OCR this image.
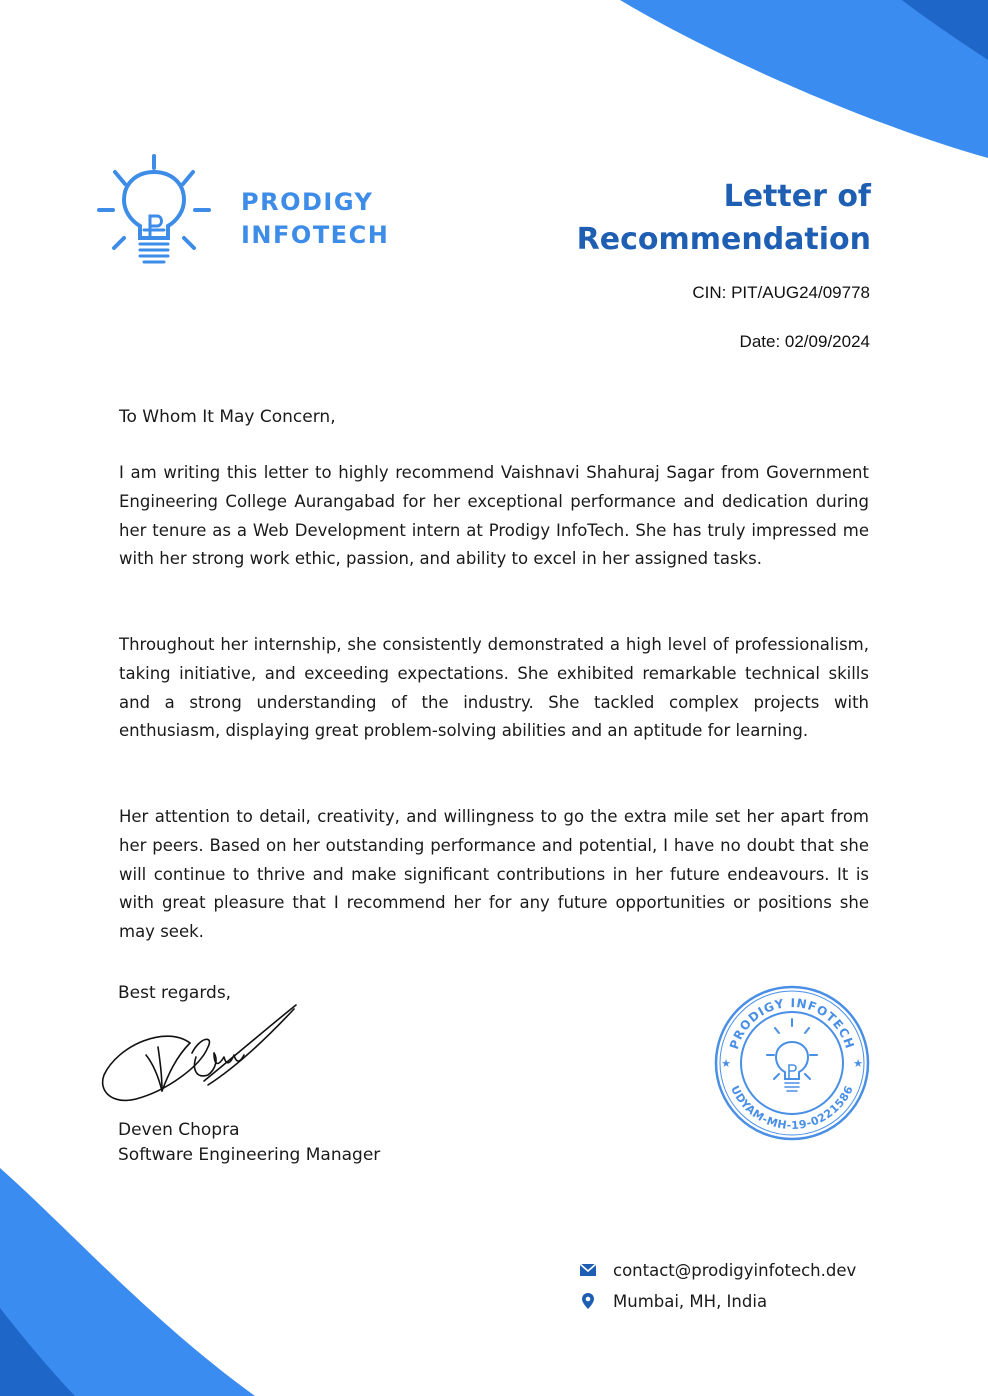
PRODIGY
INFOTECH
Letter of
Recommendation
CIN: PIT/AUG24/09778
Date: 02/09/2024
To Whom It May Concern,

I am writing this letter to highly recommend Vaishnavi Shahuraj Sagar from Government Engineering College Aurangabad for her exceptional performance and dedication during her tenure as a Web Development intern at Prodigy InfoTech. She has truly impressed me with her strong work ethic, passion, and ability to excel in her assigned tasks.

Throughout her internship, she consistently demonstrated a high level of professionalism, taking initiative, and exceeding expectations. She exhibited remarkable technical skills and a strong understanding of the industry. She tackled complex projects with enthusiasm, displaying great problem-solving abilities and an aptitude for learning.

Her attention to detail, creativity, and willingness to go the extra mile set her apart from her peers. Based on her outstanding performance and potential, I have no doubt that she will continue to thrive and make significant contributions in her future endeavours. It is with great pleasure that I recommend her for any future opportunities or positions she may seek.

Best regards,
Deven Chopra
Software Engineering Manager
PRODIGY INFOTECH
UDYAM-MH-19-0221586
★	★
contact@prodigyinfotech.dev
Mumbai, MH, India
